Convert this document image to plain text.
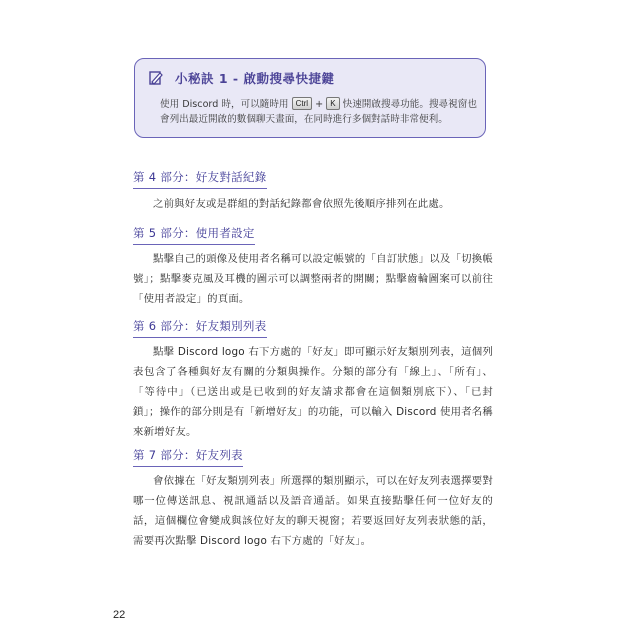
小秘訣 1 - 啟動搜尋快捷鍵
使用 Discord 時，可以隨時用 Ctrl + K 快速開啟搜尋功能。搜尋視窗也會列出最近開啟的數個聊天畫面，在同時進行多個對話時非常便利。
第 4 部分：好友對話紀錄
之前與好友或是群組的對話紀錄都會依照先後順序排列在此處。
第 5 部分：使用者設定
點擊自己的頭像及使用者名稱可以設定帳號的「自訂狀態」以及「切換帳號」；點擊麥克風及耳機的圖示可以調整兩者的開關；點擊齒輪圖案可以前往「使用者設定」的頁面。
第 6 部分：好友類別列表
點擊 Discord logo 右下方處的「好友」即可顯示好友類別列表，這個列表包含了各種與好友有關的分類與操作。分類的部分有「線上」、「所有」、「等待中」（已送出或是已收到的好友請求都會在這個類別底下）、「已封鎖」；操作的部分則是有「新增好友」的功能，可以輸入 Discord 使用者名稱來新增好友。
第 7 部分：好友列表
會依據在「好友類別列表」所選擇的類別顯示，可以在好友列表選擇要對哪一位傳送訊息、視訊通話以及語音通話。如果直接點擊任何一位好友的話，這個欄位會變成與該位好友的聊天視窗；若要返回好友列表狀態的話，需要再次點擊 Discord logo 右下方處的「好友」。
22
